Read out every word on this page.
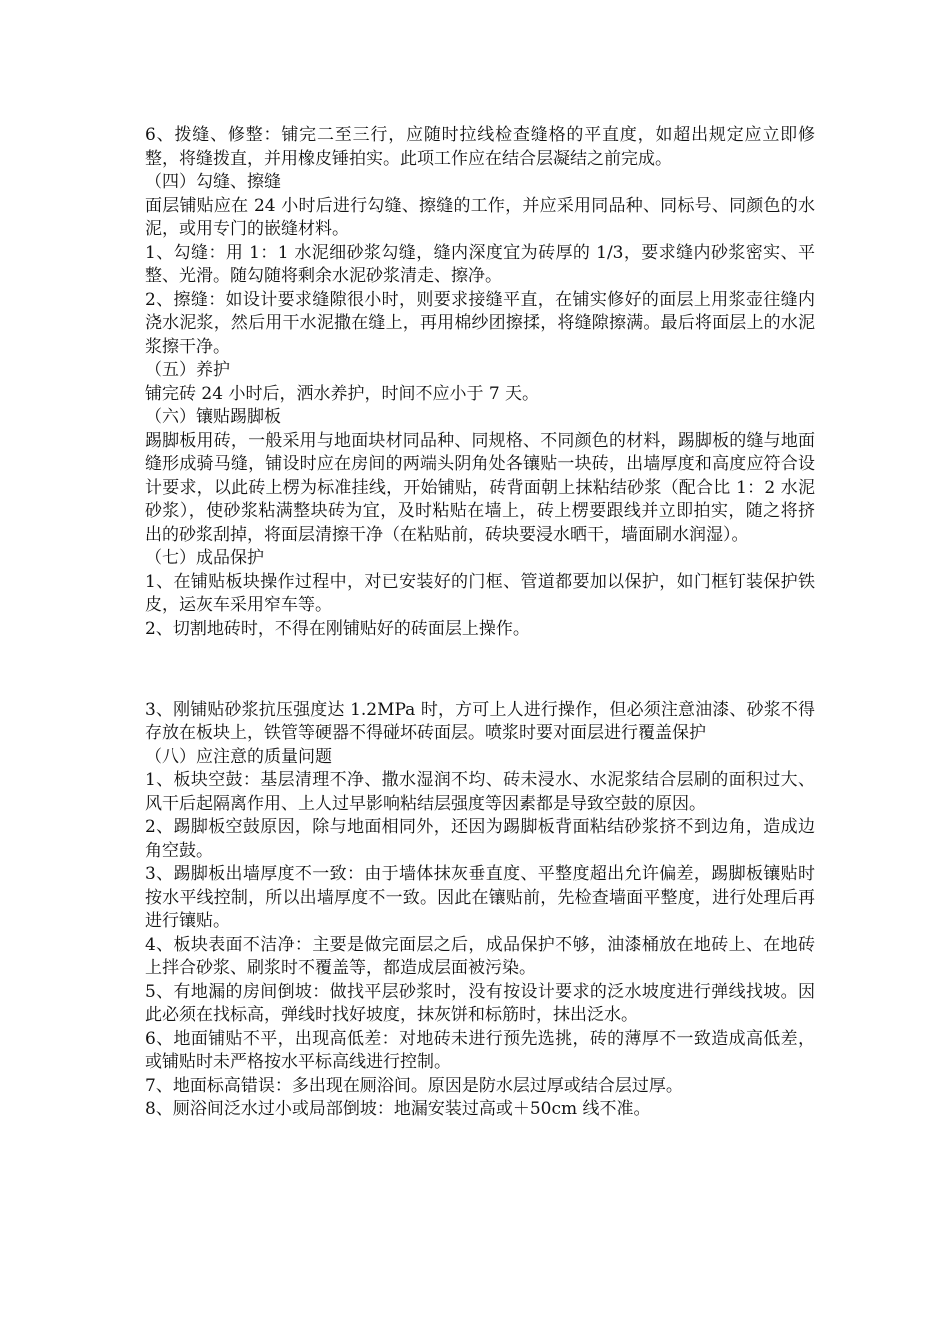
6、拨缝、修整：铺完二至三行，应随时拉线检查缝格的平直度，如超出规定应立即修整，将缝拨直，并用橡皮锤拍实。此项工作应在结合层凝结之前完成。

（四）勾缝、擦缝

面层铺贴应在 24 小时后进行勾缝、擦缝的工作，并应采用同品种、同标号、同颜色的水泥，或用专门的嵌缝材料。

1、勾缝：用 1：1 水泥细砂浆勾缝，缝内深度宜为砖厚的 1/3，要求缝内砂浆密实、平整、光滑。随勾随将剩余水泥砂浆清走、擦净。

2、擦缝：如设计要求缝隙很小时，则要求接缝平直，在铺实修好的面层上用浆壶往缝内浇水泥浆，然后用干水泥撒在缝上，再用棉纱团擦揉，将缝隙擦满。最后将面层上的水泥浆擦干净。

（五）养护

铺完砖 24 小时后，洒水养护，时间不应小于 7 天。

（六）镶贴踢脚板

踢脚板用砖，一般采用与地面块材同品种、同规格、不同颜色的材料，踢脚板的缝与地面缝形成骑马缝，铺设时应在房间的两端头阴角处各镶贴一块砖，出墙厚度和高度应符合设计要求，以此砖上楞为标准挂线，开始铺贴，砖背面朝上抹粘结砂浆（配合比 1：2 水泥砂浆），使砂浆粘满整块砖为宜，及时粘贴在墙上，砖上楞要跟线并立即拍实，随之将挤出的砂浆刮掉，将面层清擦干净（在粘贴前，砖块要浸水晒干，墙面刷水润湿）。

（七）成品保护

1、在铺贴板块操作过程中，对已安装好的门框、管道都要加以保护，如门框钉装保护铁皮，运灰车采用窄车等。

2、切割地砖时，不得在刚铺贴好的砖面层上操作。

3、刚铺贴砂浆抗压强度达 1.2MPa 时，方可上人进行操作，但必须注意油漆、砂浆不得存放在板块上，铁管等硬器不得碰坏砖面层。喷浆时要对面层进行覆盖保护

（八）应注意的质量问题

1、板块空鼓：基层清理不净、撒水湿润不均、砖未浸水、水泥浆结合层刷的面积过大、风干后起隔离作用、上人过早影响粘结层强度等因素都是导致空鼓的原因。

2、踢脚板空鼓原因，除与地面相同外，还因为踢脚板背面粘结砂浆挤不到边角，造成边角空鼓。

3、踢脚板出墙厚度不一致：由于墙体抹灰垂直度、平整度超出允许偏差，踢脚板镶贴时按水平线控制，所以出墙厚度不一致。因此在镶贴前，先检查墙面平整度，进行处理后再进行镶贴。

4、板块表面不洁净：主要是做完面层之后，成品保护不够，油漆桶放在地砖上、在地砖上拌合砂浆、刷浆时不覆盖等，都造成层面被污染。

5、有地漏的房间倒坡：做找平层砂浆时，没有按设计要求的泛水坡度进行弹线找坡。因此必须在找标高，弹线时找好坡度，抹灰饼和标筋时，抹出泛水。

6、地面铺贴不平，出现高低差：对地砖未进行预先选挑，砖的薄厚不一致造成高低差，或铺贴时未严格按水平标高线进行控制。

7、地面标高错误：多出现在厕浴间。原因是防水层过厚或结合层过厚。

8、厕浴间泛水过小或局部倒坡：地漏安装过高或＋50cm 线不准。
